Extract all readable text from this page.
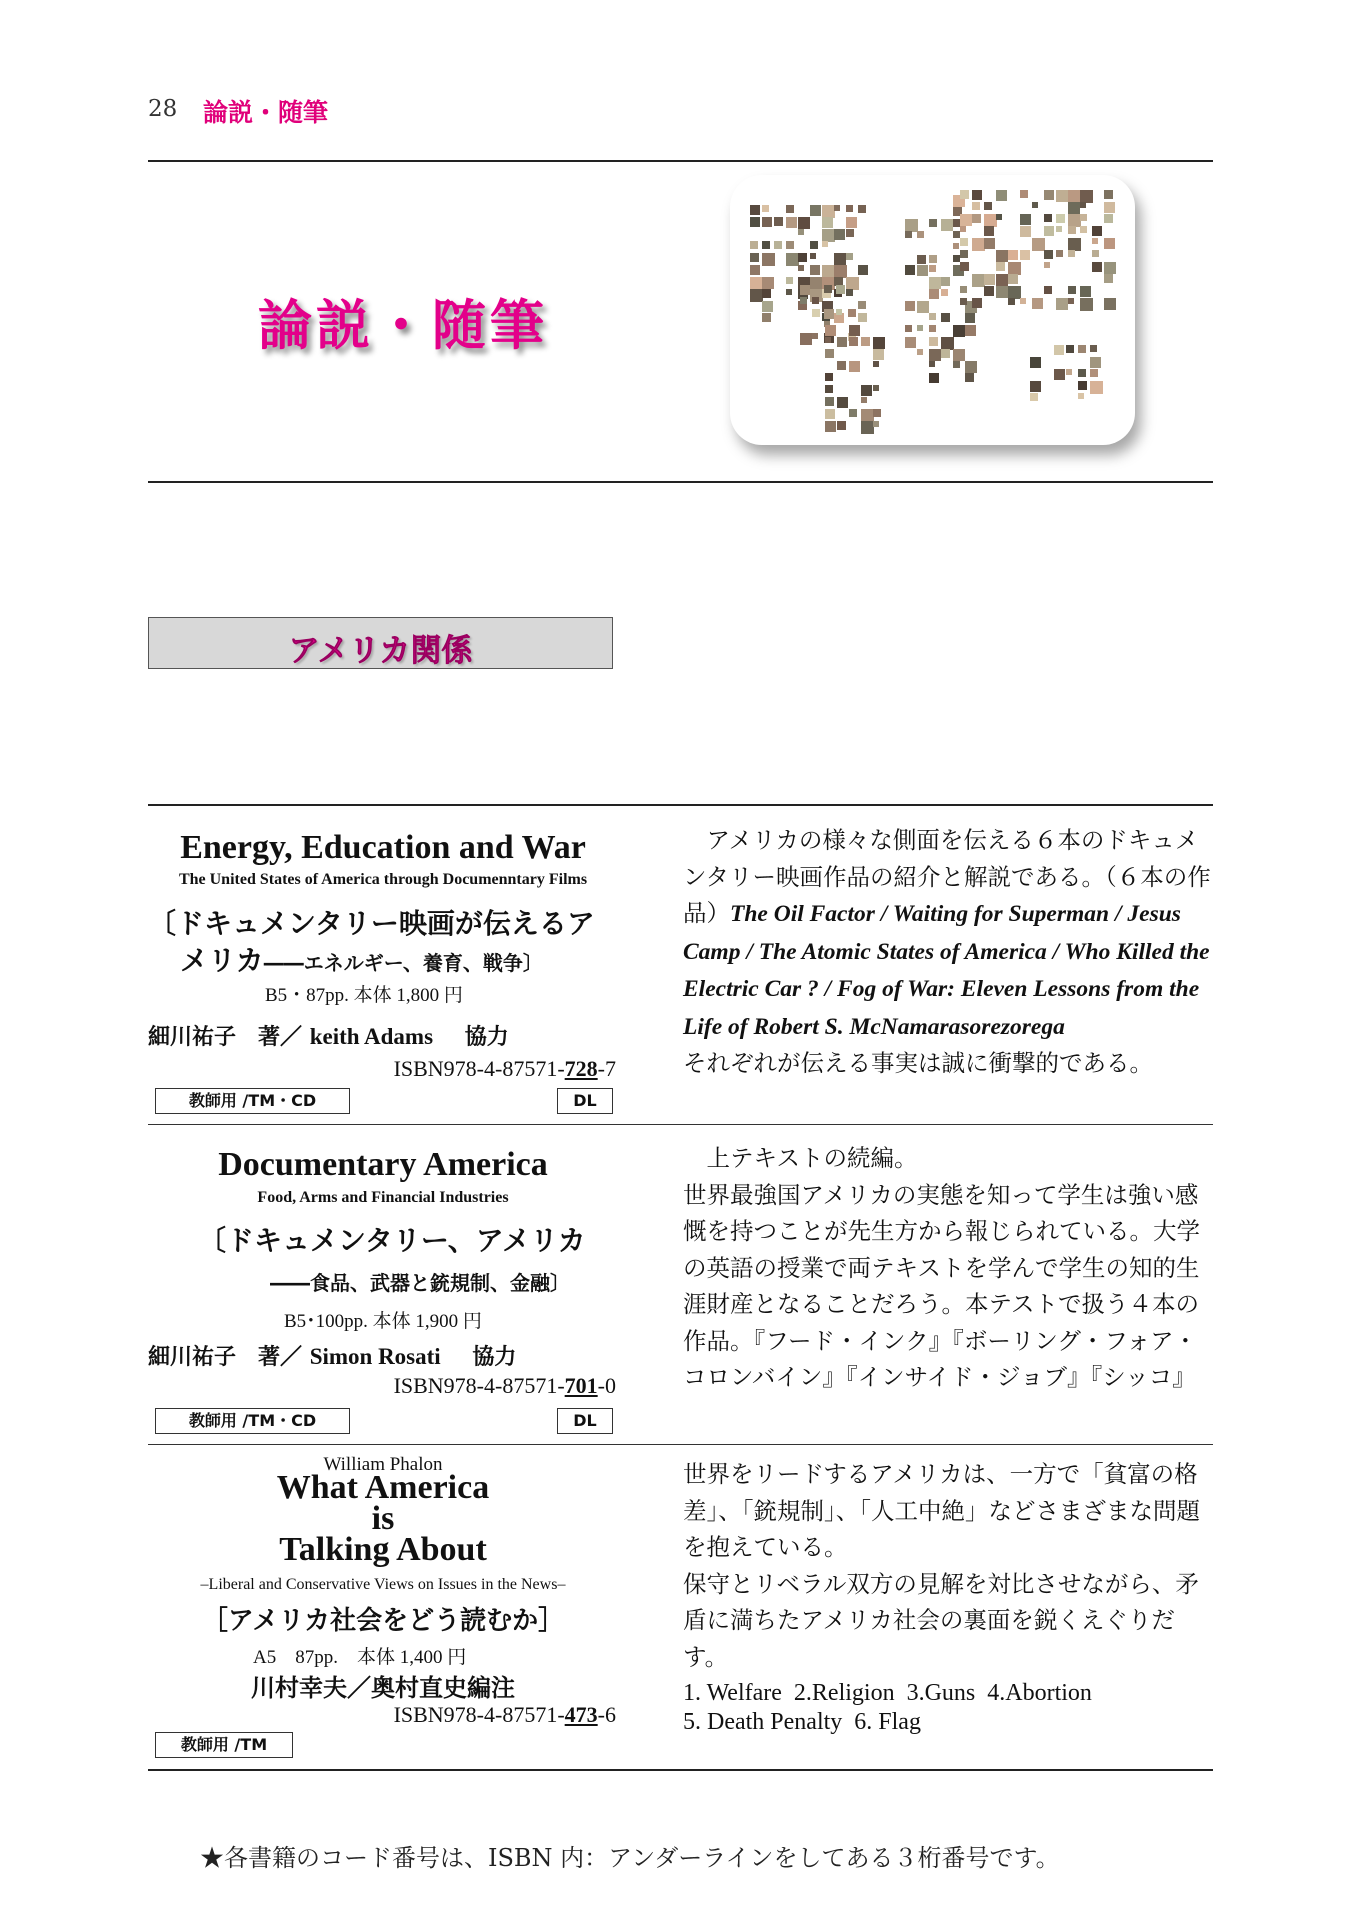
28 論説・随筆
論説・随筆
アメリカ関係
Energy, Education and War
The United States of America through Documenntary Films
〔ドキュメンタリー映画が伝えるア
メリカ――エネルギー、養育、戦争〕
B5・87pp. 本体 1,800 円
細川祐子　著／ keith Adams 協力
ISBN978-4-87571-728-7
教師用 /TM・CD	DL
アメリカの様々な側面を伝える６本のドキュメンタリー映画作品の紹介と解説である。（６本の作品）The Oil Factor / Waiting for Superman / Jesus Camp / The Atomic States of America / Who Killed the Electric Car ? / Fog of War: Eleven Lessons from the Life of Robert S. McNamarasorezorega
それぞれが伝える事実は誠に衝撃的である。
Documentary America
Food, Arms and Financial Industries
〔ドキュメンタリー、アメリカ
――食品、武器と銃規制、金融〕
B5･100pp. 本体 1,900 円
細川祐子　著／ Simon Rosati 協力
ISBN978-4-87571-701-0
教師用 /TM・CD	DL
上テキストの続編。
世界最強国アメリカの実態を知って学生は強い感慨を持つことが先生方から報じられている。大学の英語の授業で両テキストを学んで学生の知的生涯財産となることだろう。本テストで扱う４本の作品。『フード・インク』『ボーリング・フォア・コロンバイン』『インサイド・ジョブ』『シッコ』
William Phalon
What America
is
Talking About
–Liberal and Conservative Views on Issues in the News–
［アメリカ社会をどう読むか］
A5　87pp.　本体 1,400 円
川村幸夫／奥村直史編注
ISBN978-4-87571-473-6
教師用 /TM
世界をリードするアメリカは、一方で「貧富の格差」、「銃規制」、「人工中絶」などさまざまな問題を抱えている。
保守とリベラル双方の見解を対比させながら、矛盾に満ちたアメリカ社会の裏面を鋭くえぐりだす。
1. Welfare  2.Religion  3.Guns  4.Abortion
5. Death Penalty  6. Flag
★各書籍のコード番号は、ISBN 内：アンダーラインをしてある３桁番号です。
